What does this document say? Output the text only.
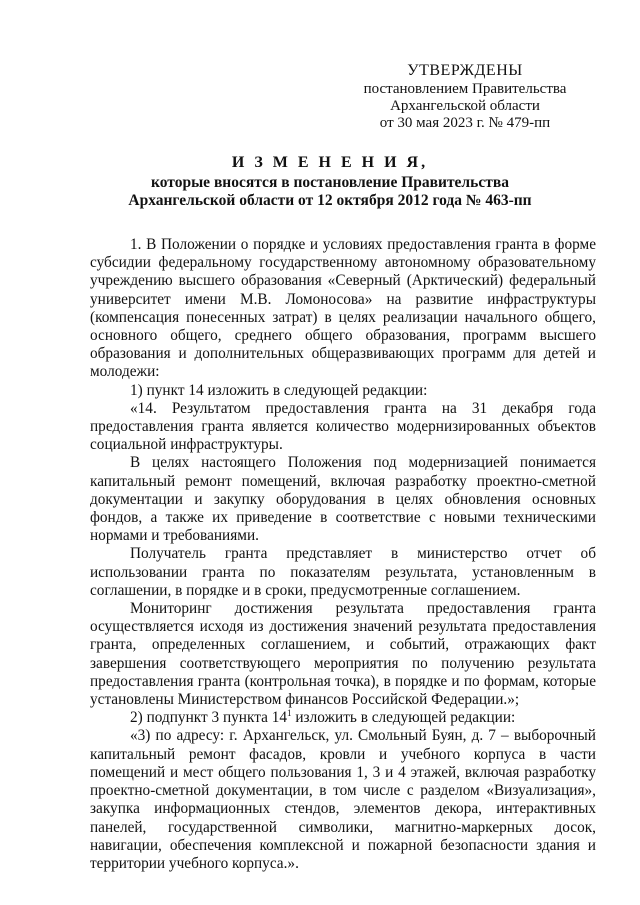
УТВЕРЖДЕНЫ
постановлением Правительства
Архангельской области
от 30 мая 2023 г. № 479-пп
И З М Е Н Е Н И Я,
которые вносятся в постановление Правительства
Архангельской области от 12 октября 2012 года № 463-пп

1. В Положении о порядке и условиях предоставления гранта в форме субсидии федеральному государственному автономному образовательному учреждению высшего образования «Северный (Арктический) федеральный университет имени М.В. Ломоносова» на развитие инфраструктуры (компенсация понесенных затрат) в целях реализации начального общего, основного общего, среднего общего образования, программ высшего образования и дополнительных общеразвивающих программ для детей и молодежи:

1) пункт 14 изложить в следующей редакции:

«14. Результатом предоставления гранта на 31 декабря года предоставления гранта является количество модернизированных объектов социальной инфраструктуры.

В целях настоящего Положения под модернизацией понимается капитальный ремонт помещений, включая разработку проектно-сметной документации и закупку оборудования в целях обновления основных фондов, а также их приведение в соответствие с новыми техническими нормами и требованиями.

Получатель гранта представляет в министерство отчет об использовании гранта по показателям результата, установленным в соглашении, в порядке и в сроки, предусмотренные соглашением.

Мониторинг достижения результата предоставления гранта осуществляется исходя из достижения значений результата предоставления гранта, определенных соглашением, и событий, отражающих факт завершения соответствующего мероприятия по получению результата предоставления гранта (контрольная точка), в порядке и по формам, которые установлены Министерством финансов Российской Федерации.»;

2) подпункт 3 пункта $14^1$ изложить в следующей редакции:

«3) по адресу: г. Архангельск, ул. Смольный Буян, д. 7 – выборочный капитальный ремонт фасадов, кровли и учебного корпуса в части помещений и мест общего пользования 1, 3 и 4 этажей, включая разработку проектно-сметной документации, в том числе с разделом «Визуализация», закупка информационных стендов, элементов декора, интерактивных панелей, государственной символики, магнитно-маркерных досок, навигации, обеспечения комплексной и пожарной безопасности здания и территории учебного корпуса.».
